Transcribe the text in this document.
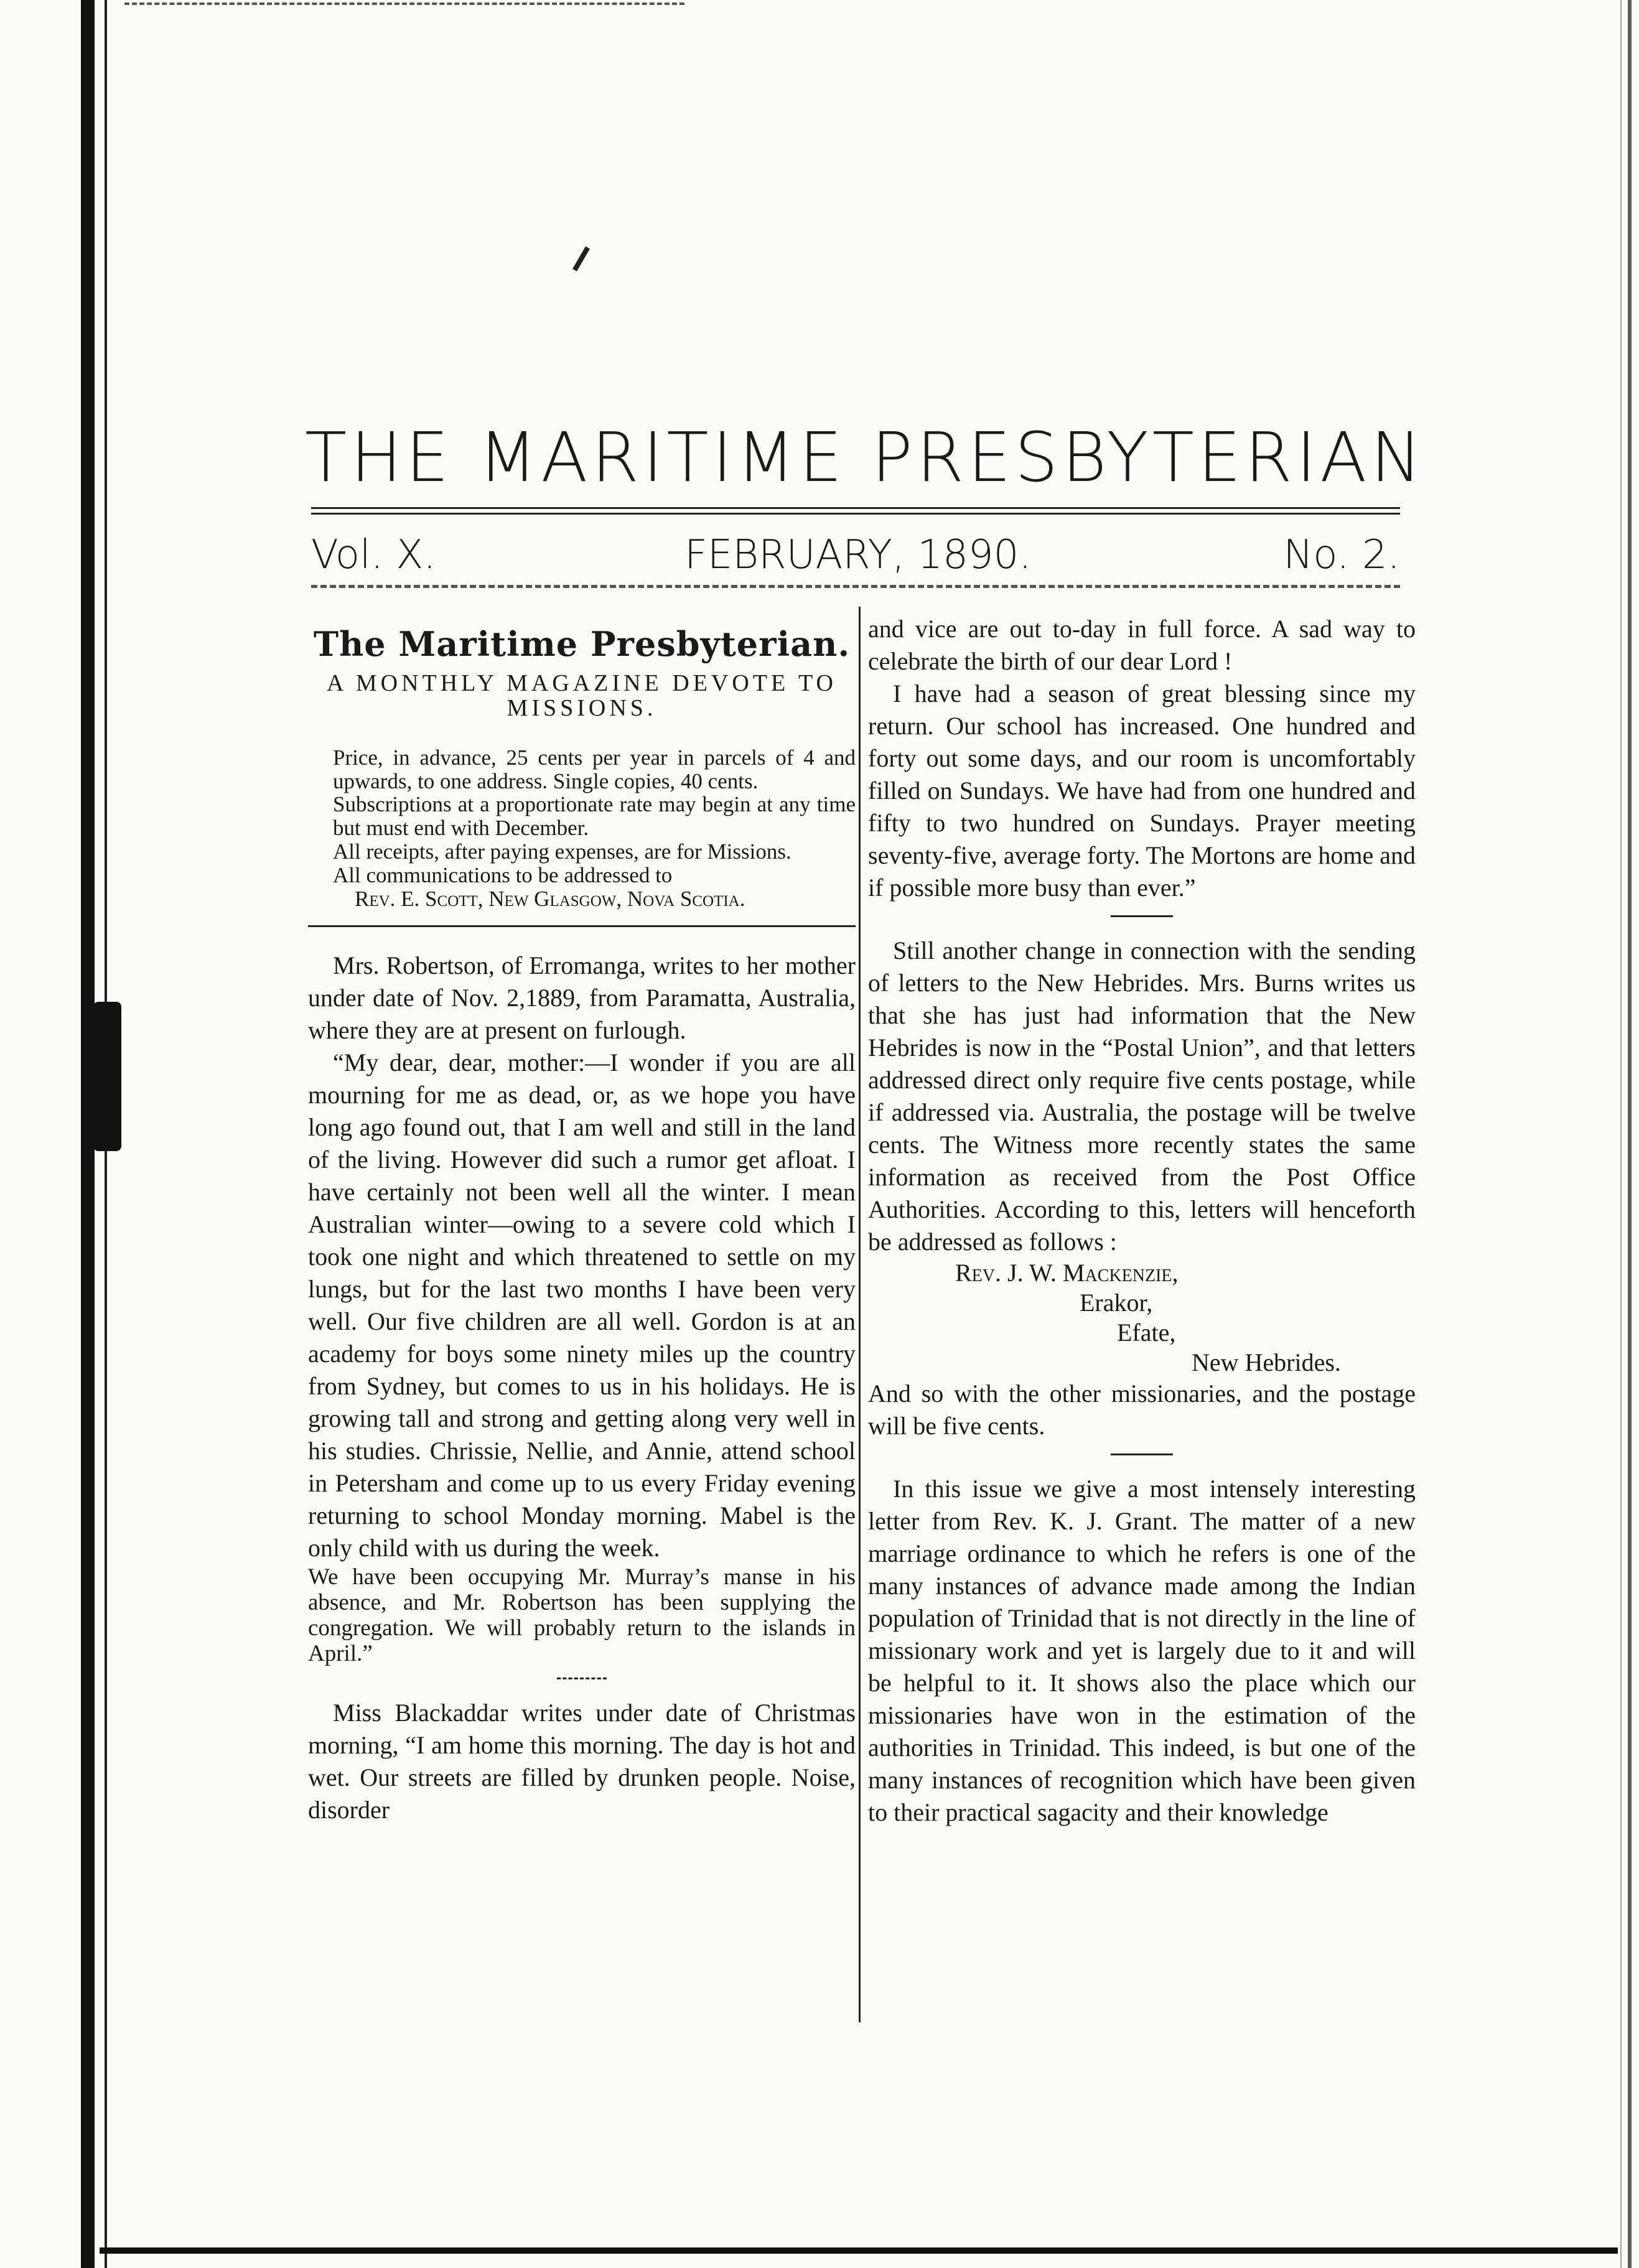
THE MARITIME PRESBYTERIAN
Vol. X.	FEBRUARY, 1890.	No. 2.
The Maritime Presbyterian.
A MONTHLY MAGAZINE DEVOTE TO MISSIONS.
Price, in advance, 25 cents per year in parcels of 4 and upwards, to one address. Single copies, 40 cents.
Subscriptions at a proportionate rate may begin at any time but must end with December.
All receipts, after paying expenses, are for Missions.
All communications to be addressed to
Rev. E. Scott, New Glasgow, Nova Scotia.

Mrs. Robertson, of Erromanga, writes to her mother under date of Nov. 2,1889, from Paramatta, Australia, where they are at present on furlough.

“My dear, dear, mother:—I wonder if you are all mourning for me as dead, or, as we hope you have long ago found out, that I am well and still in the land of the living. However did such a rumor get afloat. I have certainly not been well all the winter. I mean Australian winter—owing to a severe cold which I took one night and which threatened to settle on my lungs, but for the last two months I have been very well. Our five children are all well. Gordon is at an academy for boys some ninety miles up the country from Sydney, but comes to us in his holidays. He is growing tall and strong and getting along very well in his studies. Chrissie, Nellie, and Annie, attend school in Petersham and come up to us every Friday evening returning to school Monday morning. Mabel is the only child with us during the week.

We have been occupying Mr. Murray’s manse in his absence, and Mr. Robertson has been supplying the congregation. We will probably return to the islands in April.”

Miss Blackaddar writes under date of Christmas morning, “I am home this morning. The day is hot and wet. Our streets are filled by drunken people. Noise, disorder

and vice are out to-day in full force. A sad way to celebrate the birth of our dear Lord !

I have had a season of great blessing since my return. Our school has increased. One hundred and forty out some days, and our room is uncomfortably filled on Sundays. We have had from one hundred and fifty to two hundred on Sundays. Prayer meeting seventy-five, average forty. The Mortons are home and if possible more busy than ever.”

Still another change in connection with the sending of letters to the New Hebrides. Mrs. Burns writes us that she has just had information that the New Hebrides is now in the “Postal Union”, and that letters addressed direct only require five cents postage, while if addressed via. Australia, the postage will be twelve cents. The Witness more recently states the same information as received from the Post Office Authorities. According to this, letters will henceforth be addressed as follows :

Rev. J. W. Mackenzie,
Erakor,
Efate,
New Hebrides.

And so with the other missionaries, and the postage will be five cents.

In this issue we give a most intensely interesting letter from Rev. K. J. Grant. The matter of a new marriage ordinance to which he refers is one of the many instances of advance made among the Indian population of Trinidad that is not directly in the line of missionary work and yet is largely due to it and will be helpful to it. It shows also the place which our missionaries have won in the estimation of the authorities in Trinidad. This indeed, is but one of the many instances of recognition which have been given to their practical sagacity and their knowledge
